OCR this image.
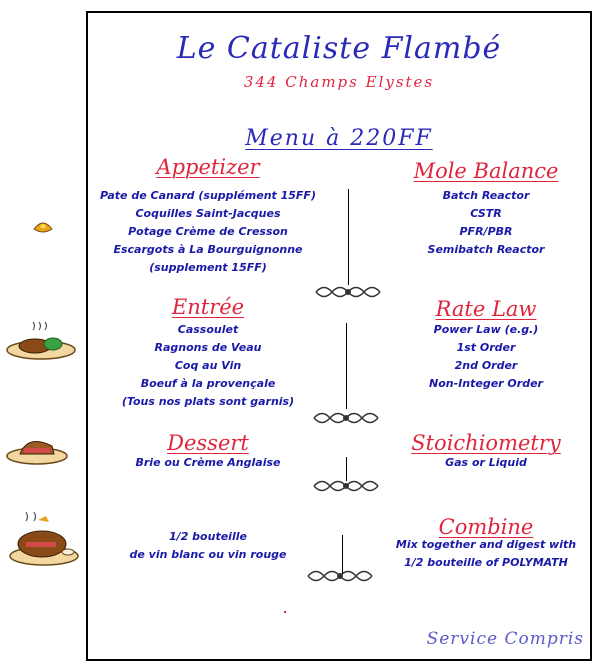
Le Cataliste Flambé
344 Champs Elystes
Menu à 220FF
Appetizer
Pate de Canard (supplément 15FF)
Coquilles Saint-Jacques
Potage Crème de Cresson
Escargots à La Bourguignonne
(supplement 15FF)
Mole Balance
Batch Reactor
CSTR
PFR/PBR
Semibatch Reactor
Entrée
Cassoulet
Ragnons de Veau
Coq au Vin
Boeuf à la provençale
(Tous nos plats sont garnis)
Rate Law
Power Law (e.g.)
1st Order
2nd Order
Non-Integer Order
Dessert
Brie ou Crème Anglaise
Stoichiometry
Gas or Liquid
1/2 bouteille
de vin blanc ou vin rouge
Combine
Mix together and digest with
1/2 bouteille of POLYMATH
Service Compris
